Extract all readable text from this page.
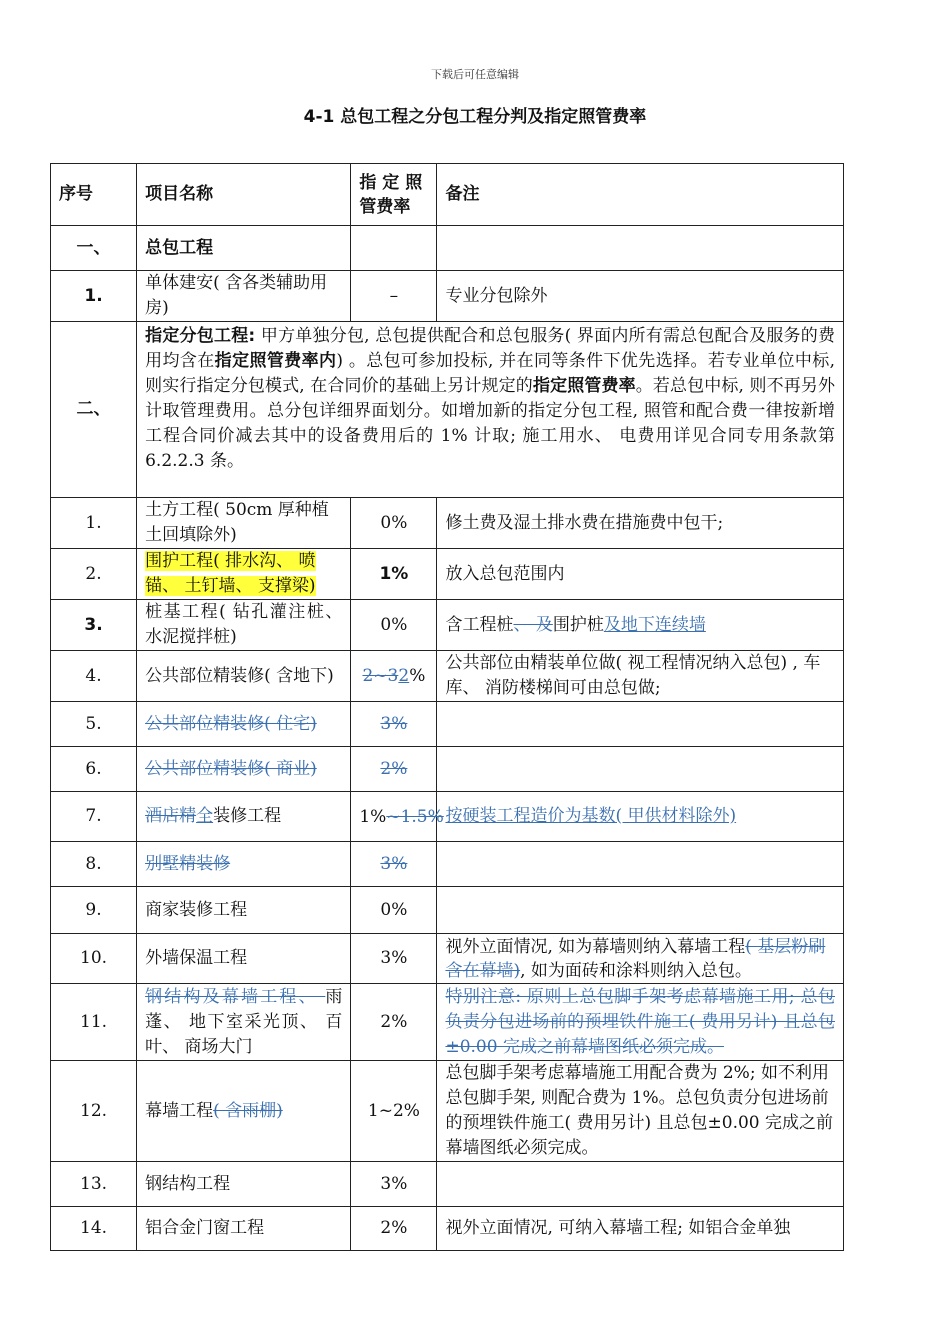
下载后可任意编辑
4-1 总包工程之分包工程分判及指定照管费率
序号	项目名称	指 定 照 管费率	备注
一、	总包工程		
1.	单体建安( 含各类辅助用房)	–	专业分包除外
二、	指定分包工程: 甲方单独分包, 总包提供配合和总包服务( 界面内所有需总包配合及服务的费用均含在指定照管费率内) 。总包可参加投标, 并在同等条件下优先选择。若专业单位中标, 则实行指定分包模式, 在合同价的基础上另计规定的指定照管费率。若总包中标, 则不再另外计取管理费用。总分包详细界面划分。如增加新的指定分包工程, 照管和配合费一律按新增工程合同价减去其中的设备费用后的 1% 计取; 施工用水、 电费用详见合同专用条款第 6.2.2.3 条。		
1.	土方工程( 50cm 厚种植土回填除外)	0%	修土费及湿土排水费在措施费中包干;
2.	围护工程( 排水沟、 喷锚、 土钉墙、 支撑梁)	1%	放入总包范围内
3.	桩基工程( 钻孔灌注桩、 水泥搅拌桩)	0%	含工程桩、 及围护桩及地下连续墙
4.	公共部位精装修( 含地下)	2~32%	公共部位由精装单位做( 视工程情况纳入总包) , 车库、 消防楼梯间可由总包做;
5.	公共部位精装修( 住宅)	3%	
6.	公共部位精装修( 商业)	2%	
7.	酒店精全装修工程	1%~1.5%	按硬装工程造价为基数( 甲供材料除外)
8.	别墅精装修	3%	
9.	商家装修工程	0%	
10.	外墙保温工程	3%	视外立面情况, 如为幕墙则纳入幕墙工程( 基层粉刷含在幕墙), 如为面砖和涂料则纳入总包。
11.	钢结构及幕墙工程、 雨蓬、 地下室采光顶、 百叶、 商场大门	2%	特别注意: 原则上总包脚手架考虑幕墙施工用; 总包负责分包进场前的预埋铁件施工( 费用另计) 且总包±0.00 完成之前幕墙图纸必须完成。
12.	幕墙工程( 含雨棚)	1~2%	总包脚手架考虑幕墙施工用配合费为 2%; 如不利用总包脚手架, 则配合费为 1%。总包负责分包进场前的预埋铁件施工( 费用另计) 且总包±0.00 完成之前幕墙图纸必须完成。
13.	钢结构工程	3%	
14.	铝合金门窗工程	2%	视外立面情况, 可纳入幕墙工程; 如铝合金单独
